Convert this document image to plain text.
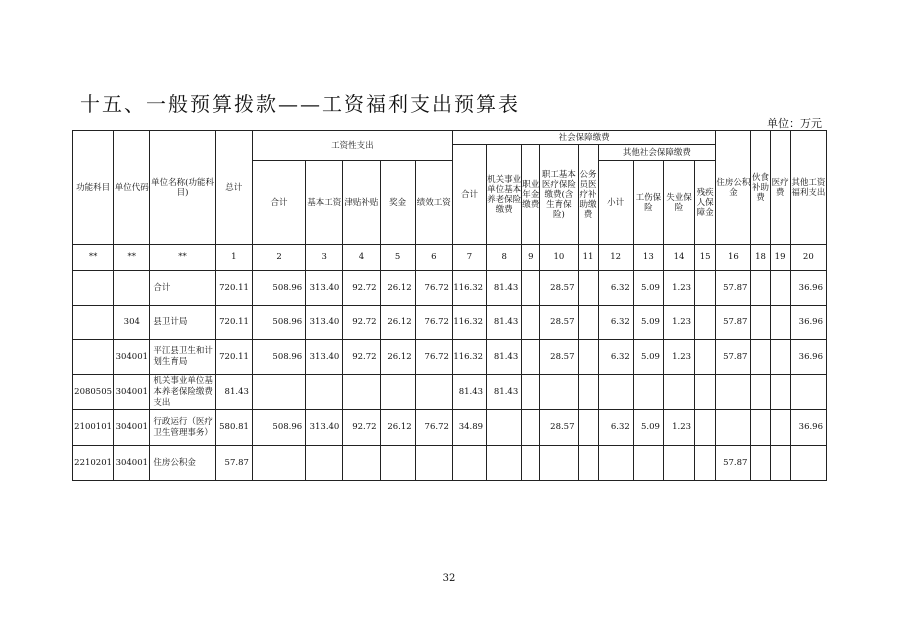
十五、一般预算拨款——工资福利支出预算表
单位：万元
功能科目	单位代码	单位名称(功能科目)	总计	工资性支出					社会保障缴费									住房公积金	伙食补助费	医疗费	其他工资福利支出
									合计	机关事业单位基本养老保险缴费	职业年金缴费	职工基本医疗保险缴费(含生育保险)	公务员医疗补助缴费	其他社会保障缴费							
				合计	基本工资	津贴补贴	奖金	绩效工资						小计	工伤保险	失业保险	残疾人保障金				
**	**	**	1	2	3	4	5	6	7	8	9	10	11	12	13	14	15	16	18	19	20
		合计	720.11	508.96	313.40	92.72	26.12	76.72	116.32	81.43		28.57		6.32	5.09	1.23		57.87			36.96
	304	县卫计局	720.11	508.96	313.40	92.72	26.12	76.72	116.32	81.43		28.57		6.32	5.09	1.23		57.87			36.96
	304001	平江县卫生和计划生育局	720.11	508.96	313.40	92.72	26.12	76.72	116.32	81.43		28.57		6.32	5.09	1.23		57.87			36.96
2080505	304001	机关事业单位基本养老保险缴费支出	81.43						81.43	81.43											
2100101	304001	行政运行（医疗卫生管理事务）	580.81	508.96	313.40	92.72	26.12	76.72	34.89			28.57		6.32	5.09	1.23					36.96
2210201	304001	住房公积金	57.87															57.87			
32
